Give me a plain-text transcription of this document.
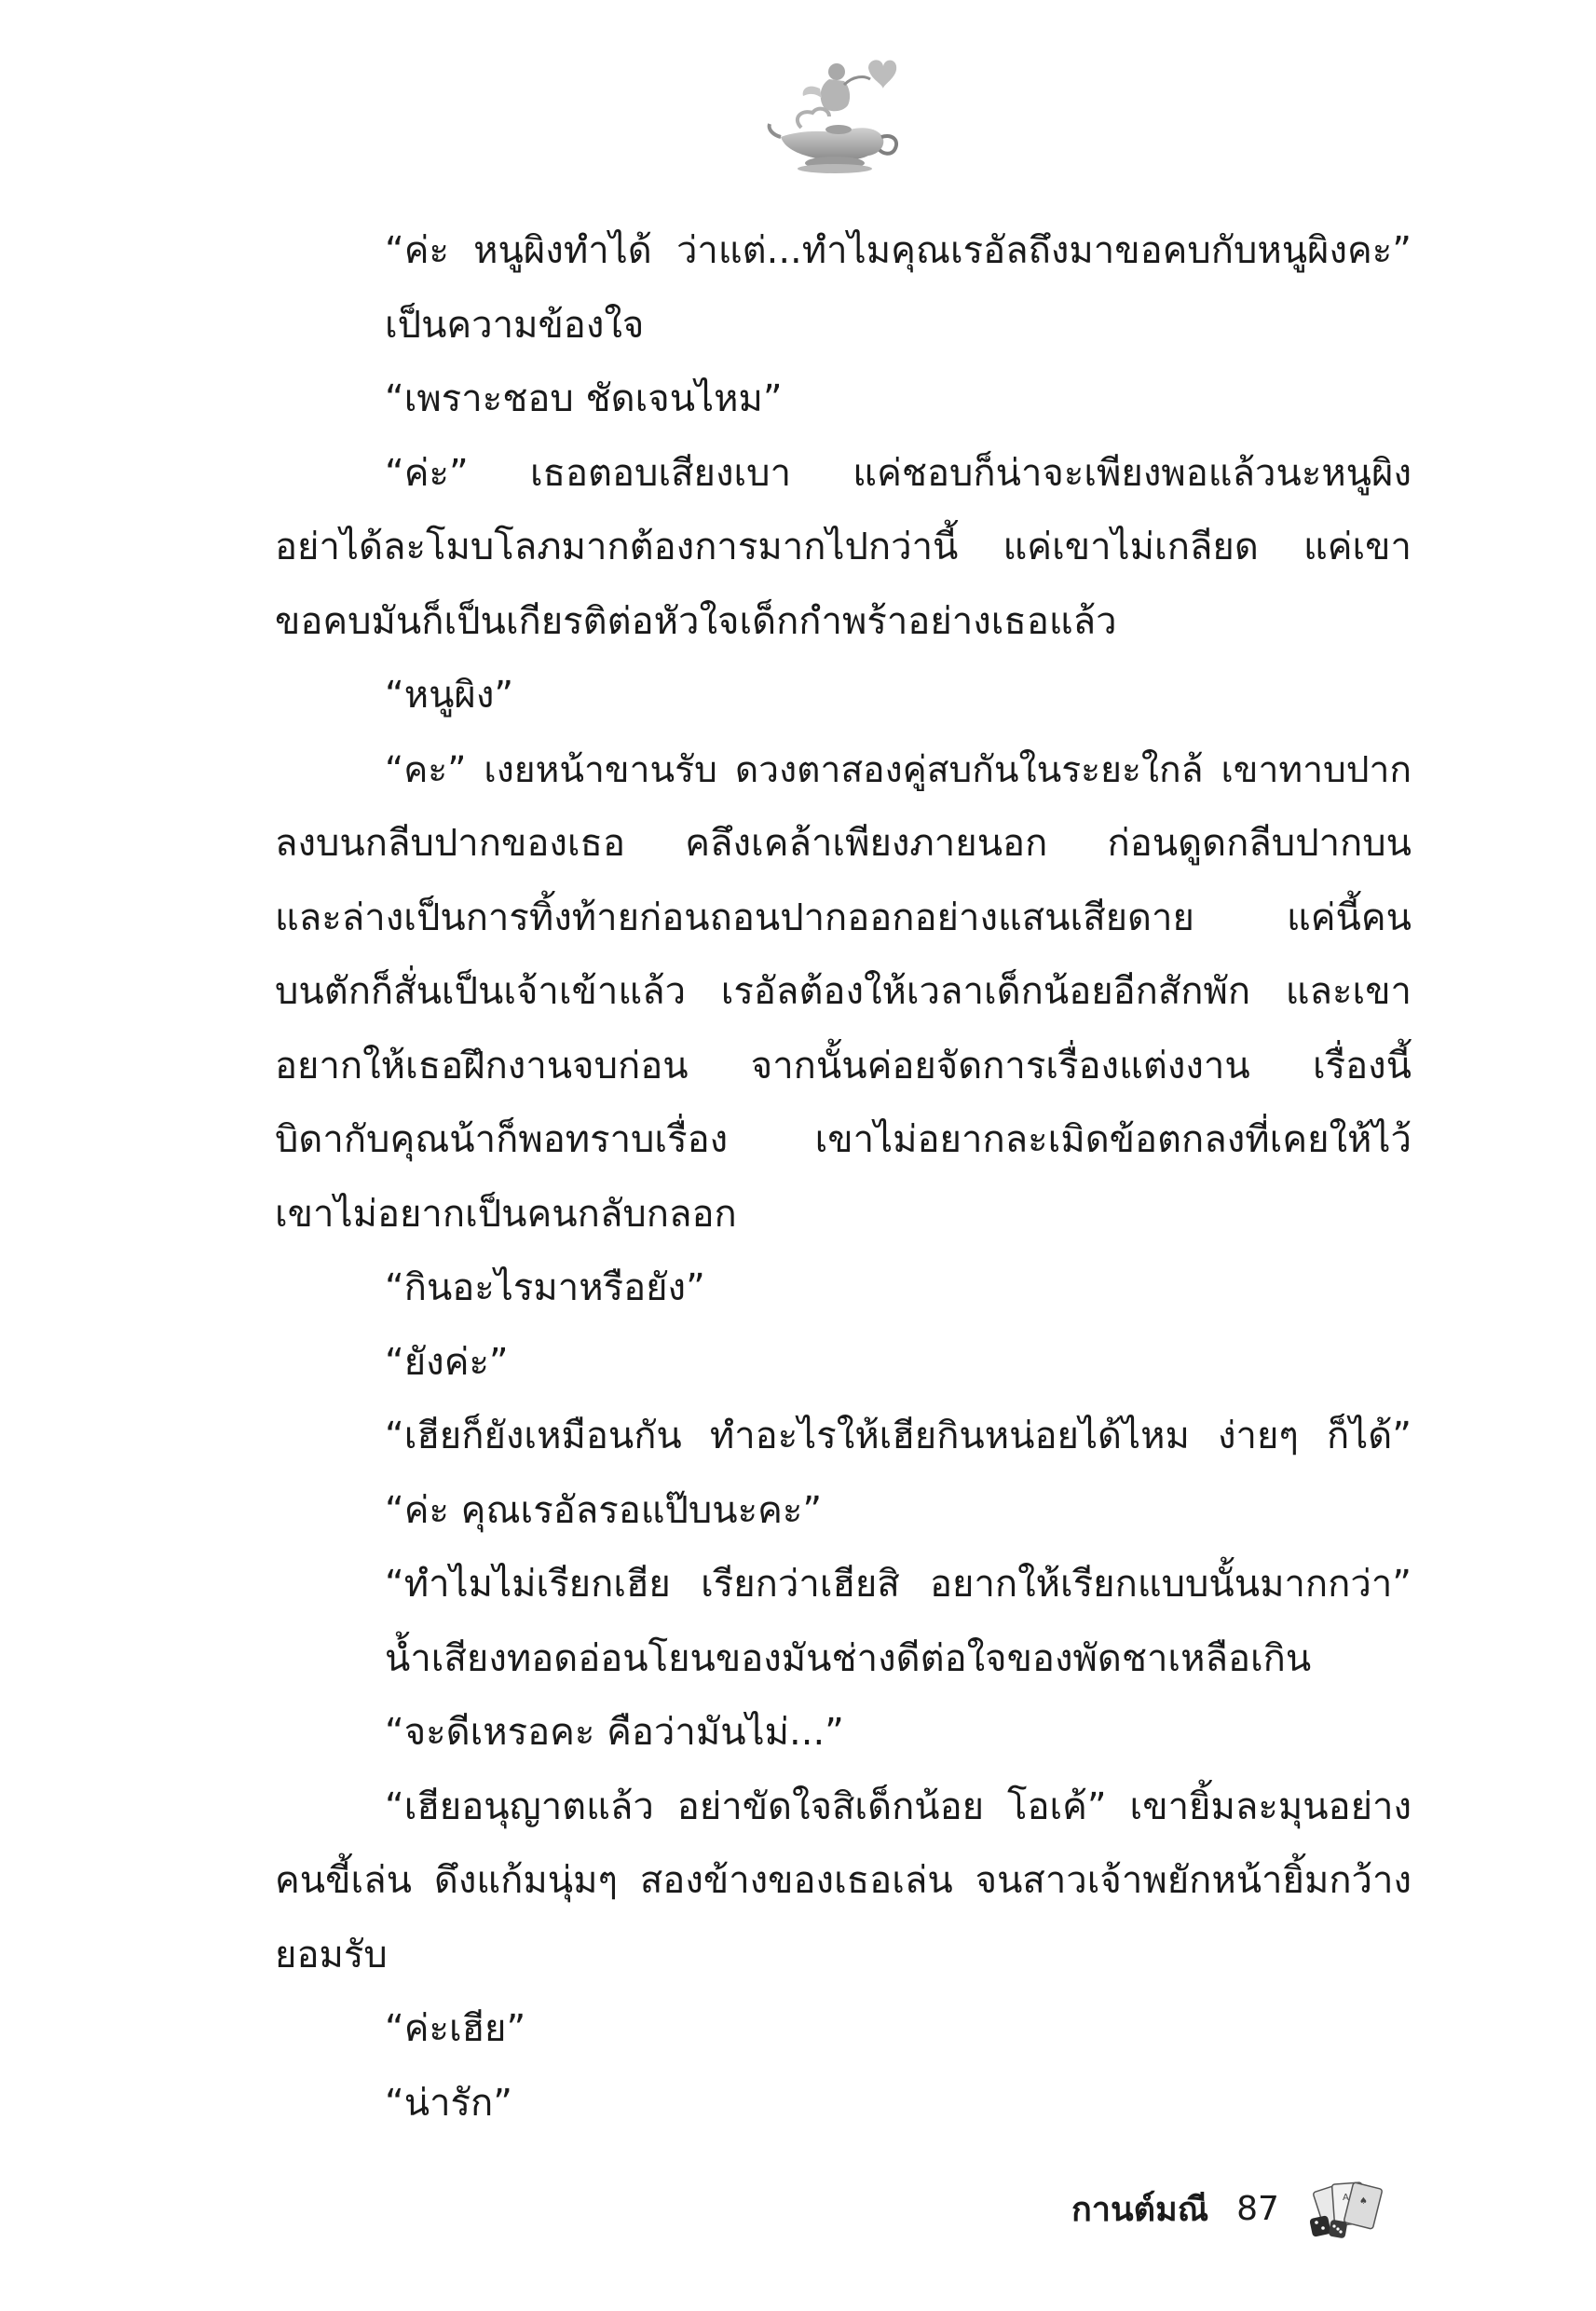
“ค่ะ หนูผิงทำได้ ว่าแต่...ทำไมคุณเรอัลถึงมาขอคบกับหนูผิงคะ”
เป็นความข้องใจ
“เพราะชอบ ชัดเจนไหม”
“ค่ะ” เธอตอบเสียงเบา แค่ชอบก็น่าจะเพียงพอแล้วนะหนูผิง
อย่าได้ละโมบโลภมากต้องการมากไปกว่านี้ แค่เขาไม่เกลียด แค่เขา
ขอคบมันก็เป็นเกียรติต่อหัวใจเด็กกำพร้าอย่างเธอแล้ว
“หนูผิง”
“คะ” เงยหน้าขานรับ ดวงตาสองคู่สบกันในระยะใกล้ เขาทาบปาก
ลงบนกลีบปากของเธอ คลึงเคล้าเพียงภายนอก ก่อนดูดกลีบปากบน
และล่างเป็นการทิ้งท้ายก่อนถอนปากออกอย่างแสนเสียดาย แค่นี้คน
บนตักก็สั่นเป็นเจ้าเข้าแล้ว เรอัลต้องให้เวลาเด็กน้อยอีกสักพัก และเขา
อยากให้เธอฝึกงานจบก่อน จากนั้นค่อยจัดการเรื่องแต่งงาน เรื่องนี้
บิดากับคุณน้าก็พอทราบเรื่อง เขาไม่อยากละเมิดข้อตกลงที่เคยให้ไว้
เขาไม่อยากเป็นคนกลับกลอก
“กินอะไรมาหรือยัง”
“ยังค่ะ”
“เฮียก็ยังเหมือนกัน ทำอะไรให้เฮียกินหน่อยได้ไหม ง่ายๆ ก็ได้”
“ค่ะ คุณเรอัลรอแป๊บนะคะ”
“ทำไมไม่เรียกเฮีย เรียกว่าเฮียสิ อยากให้เรียกแบบนั้นมากกว่า”
น้ำเสียงทอดอ่อนโยนของมันช่างดีต่อใจของพัดชาเหลือเกิน
“จะดีเหรอคะ คือว่ามันไม่...”
“เฮียอนุญาตแล้ว อย่าขัดใจสิเด็กน้อย โอเค้” เขายิ้มละมุนอย่าง
คนขี้เล่น ดึงแก้มนุ่มๆ สองข้างของเธอเล่น จนสาวเจ้าพยักหน้ายิ้มกว้าง
ยอมรับ
“ค่ะเฮีย”
“น่ารัก”
กานต์มณี 87	A ♠
